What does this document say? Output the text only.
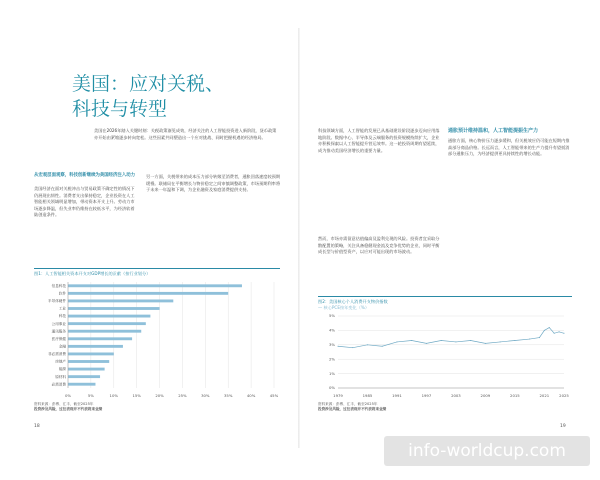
美国：应对关税、
科技与转型
美国在2026年踏入关键时刻：关税政策渐见成效，经济关注的人工智能投资进入新阶段，货币政策亦开始由紧缩逐步转向宽松。这些因素共同塑造出一个应对挑战、同时把握机遇的经济格局。
从宏观层面观察，科技创新继续为美国经济注入动力
美国经济在面对关税冲击与贸易政策不确定性的情况下仍展现出韧性。消费者支出保持稳定，企业投资在人工智能相关领域明显增加，带动资本开支上升。劳动力市场逐步降温，但失业率仍维持在较低水平，为经济软着陆创造条件。
另一方面，关税带来的成本压力部分转嫁至消费者，通胀回落速度较预期缓慢。联储局在平衡增长与物价稳定之间审慎调整政策，市场预期利率将于未来一年温和下调，为企业融资及家庭消费提供支持。
图1：人工智能相关资本开支对GDP增长的贡献（按行业划分）
0%	5%	10%	15%	20%	25%	30%	35%	40%	45%
信息科技
软件
半导体硬件
工业
科技
公用事业
通讯服务
医疗保健
金融
非必需消费
房地产
能源
原材料
必需消费
资料来源：彭博、汇丰，截至2025年
投资涉及风险，过往表现并不代表将来业绩
18
科技领域方面，人工智能的发展已从基础建设阶段逐步迈向应用落地阶段。数据中心、半导体及云端服务的投资规模持续扩大，企业亦积极探索以人工智能提升营运效率。这一轮投资周期有望延续，成为推动美国经济增长的重要力量。
通胀预计维持温和，人工智能提振生产力
通胀方面，核心物价压力逐步缓和，但关税效应仍可能在短期内推高部分商品价格。长远而言，人工智能带来的生产力提升有望抵消部分通胀压力，为经济提供更具持续性的增长动能。
然而，市场亦需留意估值偏高及盈利兑现的风险。投资者宜采取分散配置的策略，关注具备稳健现金流及竞争优势的企业，同时平衡成长型与价值型资产，以应对可能出现的市场波动。
图2：美国核心个人消费开支物价指数
— 核心PCE按年变化（%）
0%
1%
2%
3%
4%
5%
1979	1985	1991	1997	2003	2009	2015	2021	2025
资料来源：彭博、汇丰，截至2025年
投资涉及风险，过往表现并不代表将来业绩
19
info-worldcup.com
